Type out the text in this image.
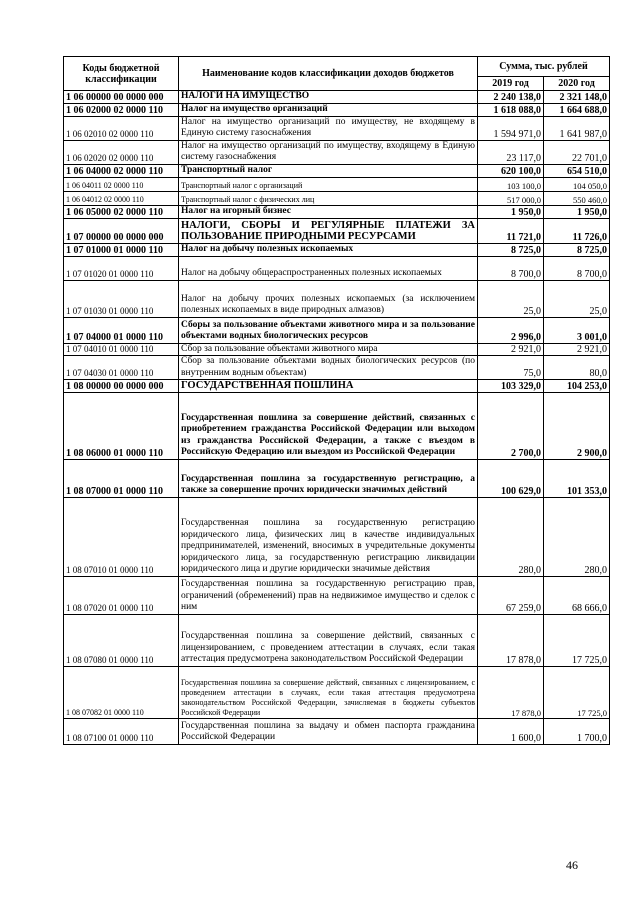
Коды бюджетной классификации	Наименование кодов классификации доходов бюджетов	Сумма, тыс. рублей	
		2019 год	2020 год
1 06 00000 00 0000 000	НАЛОГИ НА ИМУЩЕСТВО	2 240 138,0	2 321 148,0
1 06 02000 02 0000 110	Налог на имущество организаций	1 618 088,0	1 664 688,0
1 06 02010 02 0000 110	Налог на имущество организаций по имуществу, не входящему в Единую систему газоснабжения	1 594 971,0	1 641 987,0
1 06 02020 02 0000 110	Налог на имущество организаций по имуществу, входящему в Единую систему газоснабжения	23 117,0	22 701,0
1 06 04000 02 0000 110	Транспортный налог	620 100,0	654 510,0
1 06 04011 02 0000 110	Транспортный налог с организаций	103 100,0	104 050,0
1 06 04012 02 0000 110	Транспортный налог с физических лиц	517 000,0	550 460,0
1 06 05000 02 0000 110	Налог на игорный бизнес	1 950,0	1 950,0
1 07 00000 00 0000 000	НАЛОГИ, СБОРЫ И РЕГУЛЯРНЫЕ ПЛАТЕЖИ ЗА ПОЛЬЗОВАНИЕ ПРИРОДНЫМИ РЕСУРСАМИ	11 721,0	11 726,0
1 07 01000 01 0000 110	Налог на добычу полезных ископаемых	8 725,0	8 725,0
1 07 01020 01 0000 110	Налог на добычу общераспространенных полезных ископаемых	8 700,0	8 700,0
1 07 01030 01 0000 110	Налог на добычу прочих полезных ископаемых (за исключением полезных ископаемых в виде природных алмазов)	25,0	25,0
1 07 04000 01 0000 110	Сборы за пользование объектами животного мира и за пользование объектами водных биологических ресурсов	2 996,0	3 001,0
1 07 04010 01 0000 110	Сбор за пользование объектами животного мира	2 921,0	2 921,0
1 07 04030 01 0000 110	Сбор за пользование объектами водных биологических ресурсов (по внутренним водным объектам)	75,0	80,0
1 08 00000 00 0000 000	ГОСУДАРСТВЕННАЯ ПОШЛИНА	103 329,0	104 253,0
1 08 06000 01 0000 110	Государственная пошлина за совершение действий, связанных с приобретением гражданства Российской Федерации или выходом из гражданства Российской Федерации, а также с въездом в Российскую Федерацию или выездом из Российской Федерации	2 700,0	2 900,0
1 08 07000 01 0000 110	Государственная пошлина за государственную регистрацию, а также за совершение прочих юридически значимых действий	100 629,0	101 353,0
1 08 07010 01 0000 110	Государственная пошлина за государственную регистрацию юридического лица, физических лиц в качестве индивидуальных предпринимателей, изменений, вносимых в учредительные документы юридического лица, за государственную регистрацию ликвидации юридического лица и другие юридически значимые действия	280,0	280,0
1 08 07020 01 0000 110	Государственная пошлина за государственную регистрацию прав, ограничений (обременений) прав на недвижимое имущество и сделок с ним	67 259,0	68 666,0
1 08 07080 01 0000 110	Государственная пошлина за совершение действий, связанных с лицензированием, с проведением аттестации в случаях, если такая аттестация предусмотрена законодательством Российской Федерации	17 878,0	17 725,0
1 08 07082 01 0000 110	Государственная пошлина за совершение действий, связанных с лицензированием, с проведением аттестации в случаях, если такая аттестация предусмотрена законодательством Российской Федерации, зачисляемая в бюджеты субъектов Российской Федерации	17 878,0	17 725,0
1 08 07100 01 0000 110	Государственная пошлина за выдачу и обмен паспорта гражданина Российской Федерации	1 600,0	1 700,0
46
